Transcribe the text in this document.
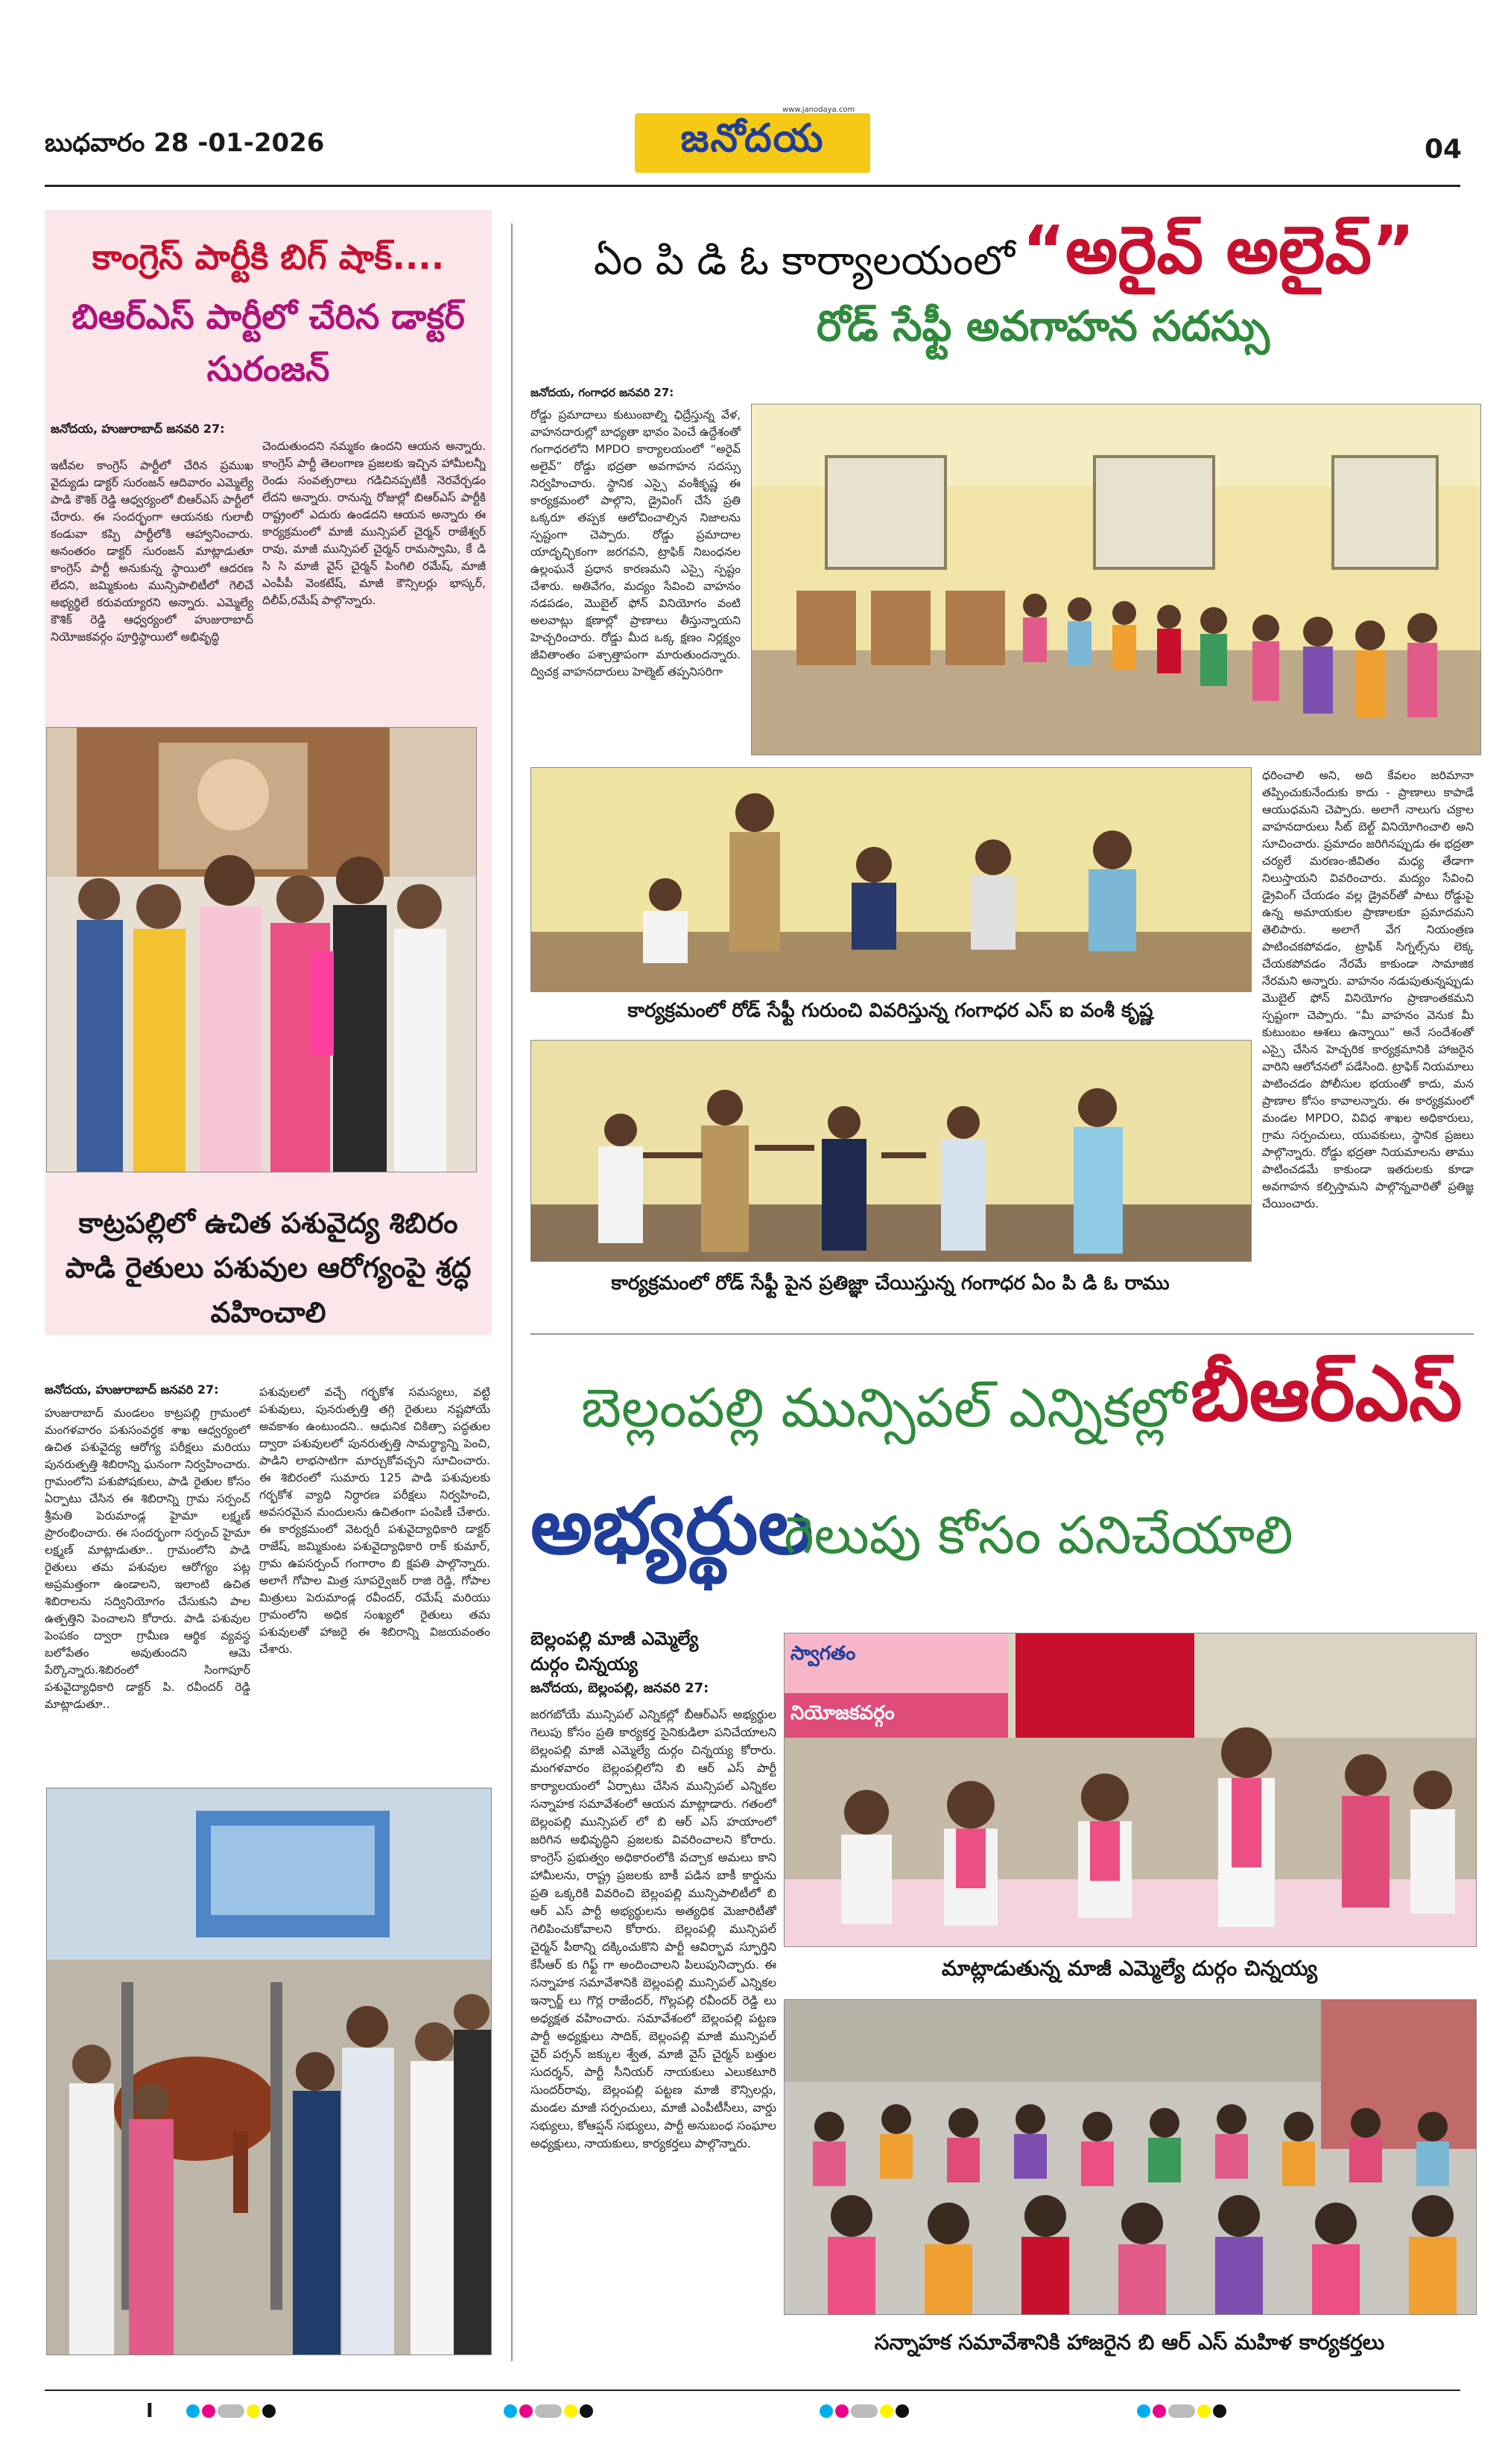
బుధవారం 28 -01-2026	జనోదయ
www.janodaya.com
04
కాంగ్రెస్ పార్టీకి బిగ్ షాక్....
బిఆర్ఎస్ పార్టీలో చేరిన డాక్టర్
సురంజన్
జనోదయ, హుజురాబాద్ జనవరి 27:
ఇటీవల కాంగ్రెస్ పార్టీలో చేరిన ప్రముఖ వైద్యుడు డాక్టర్ సురంజన్ ఆదివారం ఎమ్మెల్యే పాడి కౌశిక్ రెడ్డి ఆధ్వర్యంలో బిఆర్ఎస్ పార్టీలో చేరారు. ఈ సందర్భంగా ఆయనకు గులాబీ కండువా కప్పి పార్టీలోకి ఆహ్వానించారు. అనంతరం డాక్టర్ సురంజన్ మాట్లాడుతూ కాంగ్రెస్ పార్టీ అనుకున్న స్థాయిలో ఆదరణ లేదని, జమ్మికుంట మున్సిపాలిటీలో గెలిచే అభ్యర్థిలే కరువయ్యారని అన్నారు. ఎమ్మెల్యే కౌశిక్ రెడ్డి ఆధ్వర్యంలో హుజురాబాద్ నియోజకవర్గం పూర్తిస్థాయిలో అభివృద్ధి
చెందుతుందని నమ్మకం ఉందని ఆయన అన్నారు. కాంగ్రెస్ పార్టీ తెలంగాణ ప్రజలకు ఇచ్చిన హామీలన్నీ రెండు సంవత్సరాలు గడిచినప్పటికీ నెరవేర్చడం లేదని అన్నారు. రానున్న రోజుల్లో బిఆర్ఎస్ పార్టీకి రాష్ట్రంలో ఎదురు ఉండదని ఆయన అన్నారు ఈ కార్యక్రమంలో మాజీ మున్సిపల్ చైర్మన్ రాజేశ్వర్ రావు, మాజీ మున్సిపల్ చైర్మన్ రామస్వామి, కే డి సి సి మాజీ వైస్ చైర్మన్ పింగిలి రమేష్, మాజీ ఎంపీపీ వెంకటేష్, మాజీ కౌన్సిలర్లు భాస్కర్, దిలీప్,రమేష్ పాల్గొన్నారు.
కాట్రపల్లిలో ఉచిత పశువైద్య శిబిరం
పాడి రైతులు పశువుల ఆరోగ్యంపై శ్రద్ధ
వహించాలి
జనోదయ, హుజురాబాద్ జనవరి 27:
హుజురాబాద్ మండలం కాట్రపల్లి గ్రామంలో మంగళవారం పశుసంవర్ధక శాఖ ఆధ్వర్యంలో ఉచిత పశువైద్య ఆరోగ్య పరీక్షలు మరియు పునరుత్పత్తి శిబిరాన్ని ఘనంగా నిర్వహించారు. గ్రామంలోని పశుపోషకులు, పాడి రైతుల కోసం ఏర్పాటు చేసిన ఈ శిబిరాన్ని గ్రామ సర్పంచ్ శ్రీమతి పెరుమాండ్ల హైమా లక్ష్మణ్ ప్రారంభించారు. ఈ సందర్భంగా సర్పంచ్ హైమా లక్ష్మణ్ మాట్లాడుతూ.. గ్రామంలోని పాడి రైతులు తమ పశువుల ఆరోగ్యం పట్ల అప్రమత్తంగా ఉండాలని, ఇలాంటి ఉచిత శిబిరాలను సద్వినియోగం చేసుకుని పాల ఉత్పత్తిని పెంచాలని కోరారు. పాడి పశువుల పెంపకం ద్వారా గ్రామీణ ఆర్థిక వ్యవస్థ బలోపేతం అవుతుందని ఆమె పేర్కొన్నారు.శిబిరంలో సింగాపూర్ పశువైద్యాధికారి డాక్టర్ పి. రవీందర్ రెడ్డి మాట్లాడుతూ..
పశువులలో వచ్చే గర్భకోశ సమస్యలు, వట్టి పశువులు, పునరుత్పత్తి తగ్గి రైతులు నష్టపోయే అవకాశం ఉంటుందని.. ఆధునిక చికిత్సా పద్ధతుల ద్వారా పశువులలో పునరుత్పత్తి సామర్థ్యాన్ని పెంచి, పాడిని లాభసాటిగా మార్చుకోవచ్చని సూచించారు. ఈ శిబిరంలో సుమారు 125 పాడి పశువులకు గర్భకోశ వ్యాధి నిర్ధారణ పరీక్షలు నిర్వహించి, అవసరమైన మందులను ఉచితంగా పంపిణీ చేశారు. ఈ కార్యక్రమంలో వెటర్నరీ పశువైద్యాధికారి డాక్టర్ రాజేష్, జమ్మికుంట పశువైద్యాధికారి రాక్ కుమార్, గ్రామ ఉపసర్పంచ్ గంగారాం బి క్షపతి పాల్గొన్నారు. అలాగే గోపాల మిత్ర సూపర్వైజర్ రాజి రెడ్డి, గోపాల మిత్రులు పెరుమాండ్ల రవీందర్, రమేష్ మరియు గ్రామంలోని అధిక సంఖ్యలో రైతులు తమ పశువులతో హాజరై ఈ శిబిరాన్ని విజయవంతం చేశారు.
ఏం పి డి ఓ కార్యాలయంలో “అరైవ్ అలైవ్”
రోడ్ సేఫ్టీ అవగాహన సదస్సు
జనోదయ, గంగాధర జనవరి 27:
రోడ్డు ప్రమాదాలు కుటుంబాల్ని ఛిద్రేస్తున్న వేళ, వాహనదారుల్లో బాధ్యతా భావం పెంచే ఉద్దేశంతో గంగాధరలోని MPDO కార్యాలయంలో “అరైవ్ అలైవ్” రోడ్డు భద్రతా అవగాహన సదస్సు నిర్వహించారు. స్థానిక ఎస్సై వంశీకృష్ణ ఈ కార్యక్రమంలో పాల్గొని, డ్రైవింగ్ చేసే ప్రతి ఒక్కరూ తప్పక ఆలోచించాల్సిన నిజాలను స్పష్టంగా చెప్పారు. రోడ్డు ప్రమాదాల యాదృచ్ఛికంగా జరగవని, ట్రాఫిక్ నిబంధనల ఉల్లంఘనే ప్రధాన కారణమని ఎస్సై స్పష్టం చేశారు. అతివేగం, మద్యం సేవించి వాహనం నడపడం, మొబైల్ ఫోన్ వినియోగం వంటి అలవాట్లు క్షణాల్లో ప్రాణాలు తీస్తున్నాయని హెచ్చరించారు. రోడ్డు మీద ఒక్క క్షణం నిర్లక్ష్యం జీవితాంతం పశ్చాత్తాపంగా మారుతుందన్నారు. ద్విచక్ర వాహనదారులు హెల్మెట్ తప్పనిసరిగా
కార్యక్రమంలో రోడ్ సేఫ్టీ గురుంచి వివరిస్తున్న గంగాధర ఎస్ ఐ వంశీ కృష్ణ
కార్యక్రమంలో రోడ్ సేఫ్టీ పైన ప్రతిజ్ఞా చేయిస్తున్న గంగాధర ఏం పి డి ఓ రాము
ధరించాలి అని, అది కేవలం జరిమానా తప్పించుకునేందుకు కాదు - ప్రాణాలు కాపాడే ఆయుధమని చెప్పారు. అలాగే నాలుగు చక్రాల వాహనదారులు సీట్ బెల్ట్ వినియోగించాలి అని సూచించారు. ప్రమాదం జరిగినప్పుడు ఈ భద్రతా చర్యలే మరణం-జీవితం మధ్య తేడాగా నిలుస్తాయని వివరించారు. మద్యం సేవించి డ్రైవింగ్ చేయడం వల్ల డ్రైవర్‌తో పాటు రోడ్డుపై ఉన్న అమాయకుల ప్రాణాలకూ ప్రమాదమని తెలిపారు. అలాగే వేగ నియంత్రణ పాటించకపోవడం, ట్రాఫిక్ సిగ్నల్స్‌ను లెక్క చేయకపోవడం నేరమే కాకుండా సామాజిక నేరమని అన్నారు. వాహనం నడుపుతున్నప్పుడు మొబైల్ ఫోన్ వినియోగం ప్రాణాంతకమని స్పష్టంగా చెప్పారు. “మీ వాహనం వెనుక మీ కుటుంబం ఆశలు ఉన్నాయి” అనే సందేశంతో ఎస్సై చేసిన హెచ్చరిక కార్యక్రమానికి హాజరైన వారిని ఆలోచనలో పడేసింది. ట్రాఫిక్ నియమాలు పాటించడం పోలీసుల భయంతో కాదు, మన ప్రాణాల కోసం కావాలన్నారు. ఈ కార్యక్రమంలో మండల MPDO, వివిధ శాఖల అధికారులు, గ్రామ సర్పంచులు, యువకులు, స్థానిక ప్రజలు పాల్గొన్నారు. రోడ్డు భద్రతా నియమాలను తాము పాటించడమే కాకుండా ఇతరులకు కూడా అవగాహన కల్పిస్తామని పాల్గొన్నవారితో ప్రతిజ్ఞ చేయించారు.
బెల్లంపల్లి మున్సిపల్ ఎన్నికల్లో బీఆర్ఎస్
అభ్యర్థుల
గెలుపు కోసం పనిచేయాలి
బెల్లంపల్లి మాజీ ఎమ్మెల్యే
దుర్గం చిన్నయ్య
జనోదయ, బెల్లంపల్లి, జనవరి 27:
జరగబోయే మున్సిపల్ ఎన్నికల్లో బీఆర్ఎస్ అభ్యర్థుల గెలుపు కోసం ప్రతి కార్యకర్త సైనికుడిలా పనిచేయాలని బెల్లంపల్లి మాజీ ఎమ్మెల్యే దుర్గం చిన్నయ్య కోరారు. మంగళవారం బెల్లంపల్లిలోని బి ఆర్ ఎస్ పార్టీ కార్యాలయంలో ఏర్పాటు చేసిన మున్సిపల్ ఎన్నికల సన్నాహక సమావేశంలో ఆయన మాట్లాడారు. గతంలో బెల్లంపల్లి మున్సిపల్ లో బి ఆర్ ఎస్ హయాంలో జరిగిన అభివృద్ధిని ప్రజలకు వివరించాలని కోరారు. కాంగ్రెస్ ప్రభుత్వం అధికారంలోకి వచ్చాక అమలు కాని హామీలను, రాష్ట్ర ప్రజలకు బాకీ పడిన బాకీ కార్డును ప్రతి ఒక్కరికి వివరించి బెల్లంపల్లి మున్సిపాలిటీలో బి ఆర్ ఎస్ పార్టీ అభ్యర్థులను అత్యధిక మెజారిటీతో గెలిపించుకోవాలని కోరారు. బెల్లంపల్లి మున్సిపల్ చైర్మన్ పీఠాన్ని దక్కించుకొని పార్టీ ఆవిర్భావ స్ఫూర్తిని కేసీఆర్ కు గిఫ్ట్ గా అందించాలని పిలుపునిచ్చారు. ఈ సన్నాహక సమావేశానికి బెల్లంపల్లి మున్సిపల్ ఎన్నికల ఇన్చార్జ్ లు గొర్ల రాజేందర్, గొల్లపల్లి రవీందర్ రెడ్డి లు అధ్యక్షత వహించారు. సమావేశంలో బెల్లంపల్లి పట్టణ పార్టీ అధ్యక్షులు సాదిక్, బెల్లంపల్లి మాజీ మున్సిపల్ చైర్ పర్సన్ జక్కుల శ్వేత, మాజీ వైస్ చైర్మన్ బత్తుల సుదర్శన్, పార్టీ సీనియర్ నాయకులు ఎలుకటూరి సుందర్‌రావు, బెల్లంపల్లి పట్టణ మాజీ కౌన్సిలర్లు, మండల మాజీ సర్పంచులు, మాజీ ఎంపీటీసీలు, వార్డు సభ్యులు, కోఆప్షన్ సభ్యులు, పార్టీ అనుబంధ సంఘాల అధ్యక్షులు, నాయకులు, కార్యకర్తలు పాల్గొన్నారు.
స్వాగతం
నియోజకవర్గం
మాట్లాడుతున్న మాజీ ఎమ్మెల్యే దుర్గం చిన్నయ్య
సన్నాహక సమావేశానికి హాజరైన బి ఆర్ ఎస్ మహిళ కార్యకర్తలు
I
